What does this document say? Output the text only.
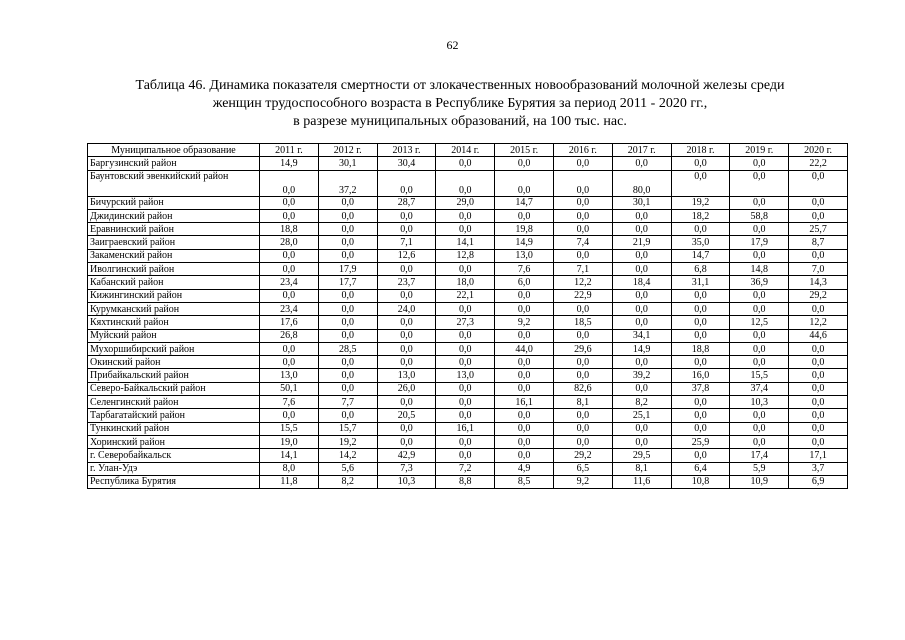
62
Таблица 46. Динамика показателя смертности от злокачественных новообразований молочной железы среди
женщин трудоспособного возраста в Республике Бурятия за период 2011 - 2020 гг.,
в разрезе муниципальных образований, на 100 тыс. нас.
Муниципальное образование	2011 г.	2012 г.	2013 г.	2014 г.	2015 г.	2016 г.	2017 г.	2018 г.	2019 г.	2020 г.
Баргузинский район	14,9	30,1	30,4	0,0	0,0	0,0	0,0	0,0	0,0	22,2
Баунтовский эвенкийский район	0,0	37,2	0,0	0,0	0,0	0,0	80,0	0,0	0,0	0,0
Бичурский район	0,0	0,0	28,7	29,0	14,7	0,0	30,1	19,2	0,0	0,0
Джидинский район	0,0	0,0	0,0	0,0	0,0	0,0	0,0	18,2	58,8	0,0
Еравнинский район	18,8	0,0	0,0	0,0	19,8	0,0	0,0	0,0	0,0	25,7
Заиграевский район	28,0	0,0	7,1	14,1	14,9	7,4	21,9	35,0	17,9	8,7
Закаменский район	0,0	0,0	12,6	12,8	13,0	0,0	0,0	14,7	0,0	0,0
Иволгинский район	0,0	17,9	0,0	0,0	7,6	7,1	0,0	6,8	14,8	7,0
Кабанский район	23,4	17,7	23,7	18,0	6,0	12,2	18,4	31,1	36,9	14,3
Кижингинский район	0,0	0,0	0,0	22,1	0,0	22,9	0,0	0,0	0,0	29,2
Курумканский район	23,4	0,0	24,0	0,0	0,0	0,0	0,0	0,0	0,0	0,0
Кяхтинский район	17,6	0,0	0,0	27,3	9,2	18,5	0,0	0,0	12,5	12,2
Муйский район	26,8	0,0	0,0	0,0	0,0	0,0	34,1	0,0	0,0	44,6
Мухоршибирский район	0,0	28,5	0,0	0,0	44,0	29,6	14,9	18,8	0,0	0,0
Окинский район	0,0	0,0	0,0	0,0	0,0	0,0	0,0	0,0	0,0	0,0
Прибайкальский район	13,0	0,0	13,0	13,0	0,0	0,0	39,2	16,0	15,5	0,0
Северо-Байкальский район	50,1	0,0	26,0	0,0	0,0	82,6	0,0	37,8	37,4	0,0
Селенгинский район	7,6	7,7	0,0	0,0	16,1	8,1	8,2	0,0	10,3	0,0
Тарбагатайский район	0,0	0,0	20,5	0,0	0,0	0,0	25,1	0,0	0,0	0,0
Тункинский район	15,5	15,7	0,0	16,1	0,0	0,0	0,0	0,0	0,0	0,0
Хоринский район	19,0	19,2	0,0	0,0	0,0	0,0	0,0	25,9	0,0	0,0
г. Северобайкальск	14,1	14,2	42,9	0,0	0,0	29,2	29,5	0,0	17,4	17,1
г. Улан-Удэ	8,0	5,6	7,3	7,2	4,9	6,5	8,1	6,4	5,9	3,7
Республика Бурятия	11,8	8,2	10,3	8,8	8,5	9,2	11,6	10,8	10,9	6,9
